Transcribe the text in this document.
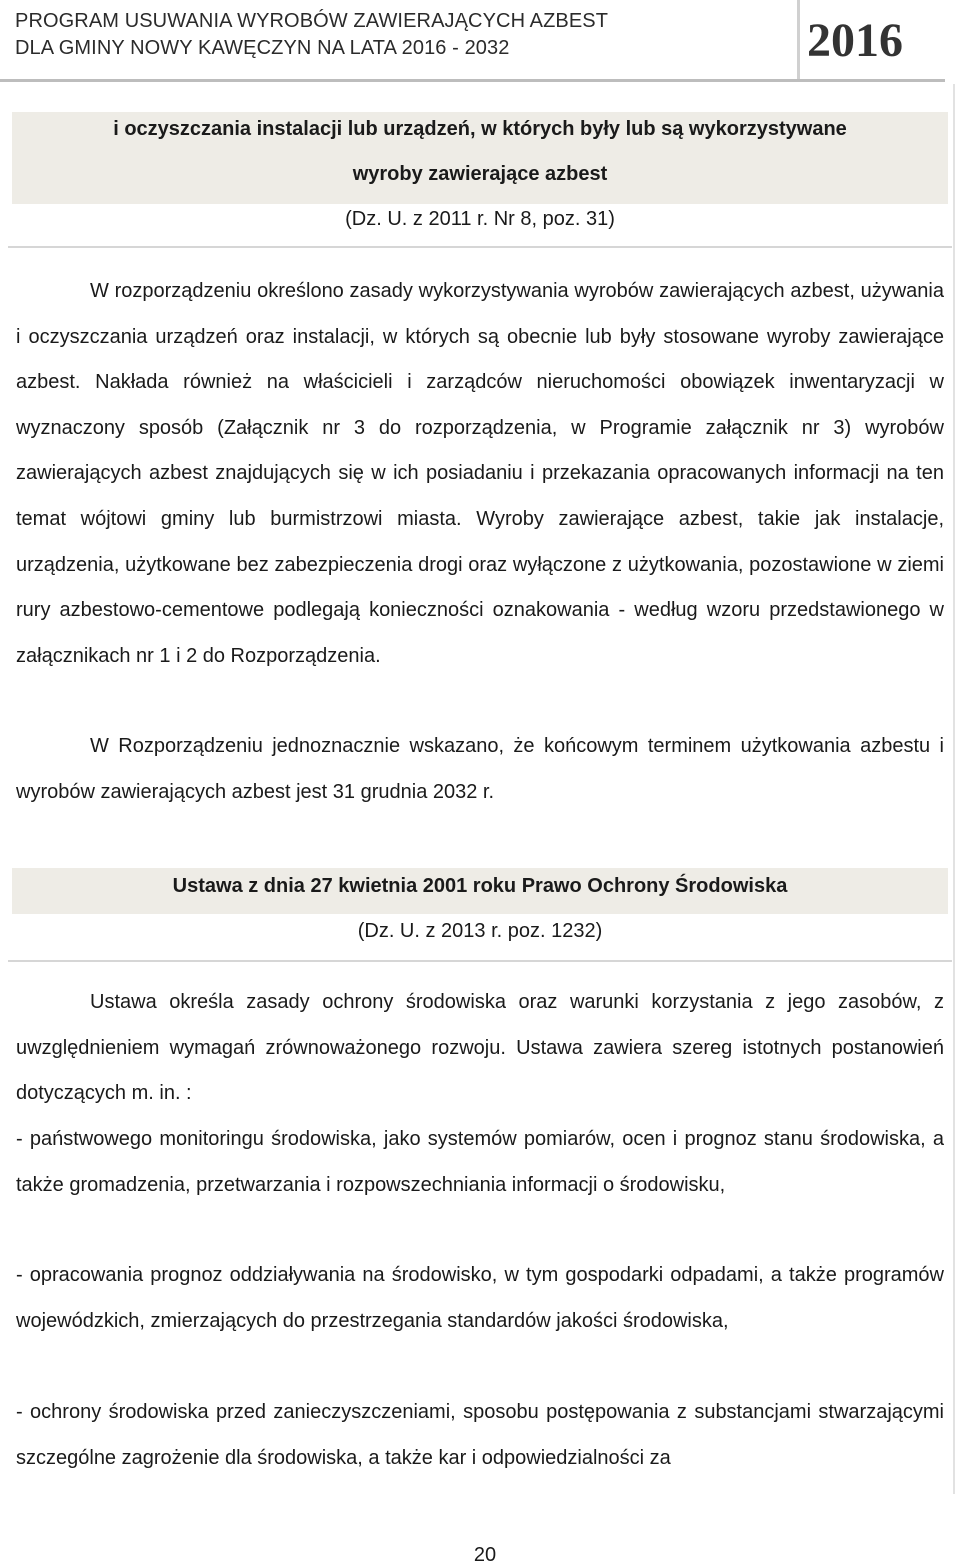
PROGRAM USUWANIA WYROBÓW ZAWIERAJĄCYCH AZBEST
DLA GMINY NOWY KAWĘCZYN NA LATA 2016 - 2032	2016
i oczyszczania instalacji lub urządzeń, w których były lub są wykorzystywane
wyroby zawierające azbest
(Dz. U. z 2011 r. Nr 8, poz. 31)
W rozporządzeniu określono zasady wykorzystywania wyrobów zawierających azbest, używania i oczyszczania urządzeń oraz instalacji, w których są obecnie lub były stosowane wyroby zawierające azbest. Nakłada również na właścicieli i zarządców nieruchomości obowiązek inwentaryzacji w wyznaczony sposób (Załącznik nr 3 do rozporządzenia, w Programie załącznik nr 3) wyrobów zawierających azbest znajdujących się w ich posiadaniu i przekazania opracowanych informacji na ten temat wójtowi gminy lub burmistrzowi miasta. Wyroby zawierające azbest, takie jak instalacje, urządzenia, użytkowane bez zabezpieczenia drogi oraz wyłączone z użytkowania, pozostawione w ziemi rury azbestowo-cementowe podlegają konieczności oznakowania - według wzoru przedstawionego w załącznikach nr 1 i 2 do Rozporządzenia.
W Rozporządzeniu jednoznacznie wskazano, że końcowym terminem użytkowania azbestu i wyrobów zawierających azbest jest 31 grudnia 2032 r.
Ustawa z dnia 27 kwietnia 2001 roku Prawo Ochrony Środowiska
(Dz. U. z 2013 r. poz. 1232)
Ustawa określa zasady ochrony środowiska oraz warunki korzystania z jego zasobów, z uwzględnieniem wymagań zrównoważonego rozwoju. Ustawa zawiera szereg istotnych postanowień dotyczących m. in. :
- państwowego monitoringu środowiska, jako systemów pomiarów, ocen i prognoz stanu środowiska, a także gromadzenia, przetwarzania i rozpowszechniania informacji o środowisku,
- opracowania prognoz oddziaływania na środowisko, w tym gospodarki odpadami, a także programów wojewódzkich, zmierzających do przestrzegania standardów jakości środowiska,
- ochrony środowiska przed zanieczyszczeniami, sposobu postępowania z substancjami stwarzającymi szczególne zagrożenie dla środowiska, a także kar i odpowiedzialności za
20
